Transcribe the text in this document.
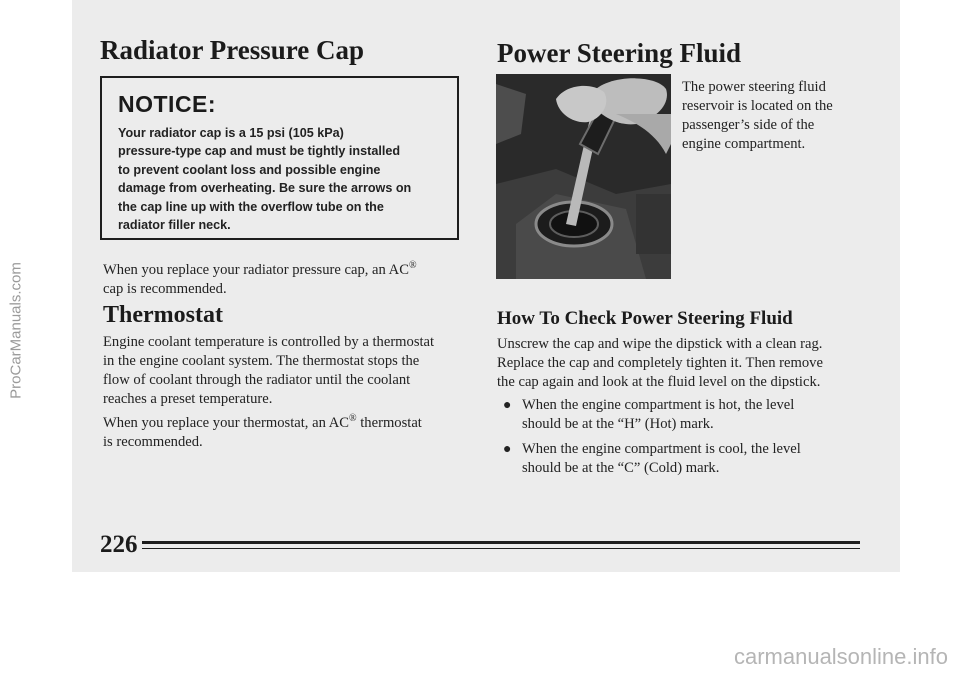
Radiator Pressure Cap
NOTICE:
Your radiator cap is a 15 psi (105 kPa)
pressure-type cap and must be tightly installed
to prevent coolant loss and possible engine
damage from overheating. Be sure the arrows on
the cap line up with the overflow tube on the
radiator filler neck.

When you replace your radiator pressure cap, an AC®

cap is recommended.

Thermostat

Engine coolant temperature is controlled by a thermostat

in the engine coolant system. The thermostat stops the

flow of coolant through the radiator until the coolant

reaches a preset temperature.

When you replace your thermostat, an AC® thermostat

is recommended.

Power Steering Fluid

The power steering fluid

reservoir is located on the

passenger’s side of the

engine compartment.

How To Check Power Steering Fluid

Unscrew the cap and wipe the dipstick with a clean rag.

Replace the cap and completely tighten it. Then remove

the cap again and look at the fluid level on the dipstick.

● When the engine compartment is hot, the level

should be at the “H” (Hot) mark.

● When the engine compartment is cool, the level

should be at the “C” (Cold) mark.

226
ProCarManuals.com
carmanualsonline.info
